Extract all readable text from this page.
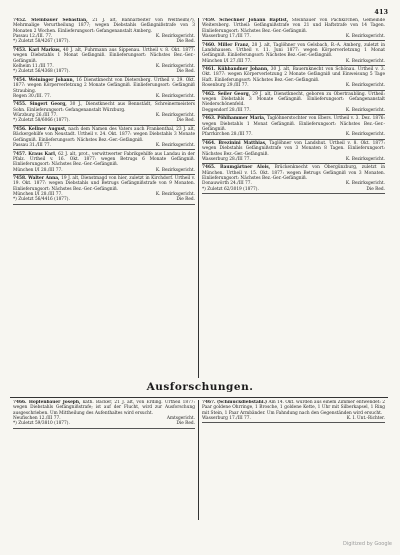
413

7452. Steinbauer Sebastian, 21 J. alt, Bahnarbeiter von Weltheim(?), Mehrmalige Verurtheilung 1877; wegen Diebstahls Gefängnißstrafe von 3 Monaten 2 Wochen. Einlieferungsort: Gefangenanstalt Amberg.

Passau 12./III. 77.	K. Bezirksgericht.
*) Zuletzt 58/4267 (1877).	Die Red.

7453. Karl Markus, 40 J. alt, Fuhrmann aus Sippenau. Urtheil v. 8. Okt. 1877: wegen Diebstahls 1 Monat Gefängniß. Einlieferungsort: Nächstes Bez.-Ger.-Gefängniß.

Kelheim 11./III 77.	K. Bezirksgericht.
*) Zuletzt 56/4368 (1877).	Die Red.

7454. Weininger Johann, 16 Dienstknecht von Dietersberg. Urtheil v. 29. Okt. 1877: wegen Körperverletzung 2 Monate Gefängniß. Einlieferungsort: Gefängniß Straubing.

Regen 30./III. 77.	K. Bezirksgericht.

7455. Singert Georg, 30 J., Dienstknecht aus Bennstädt, Schreinermeisters Sohn. Einlieferungsort: Gefangenanstalt Würzburg.

Würzburg 26./III 77.	K. Bezirksgericht.
*) Zuletzt 58/6066 (1877).	Die Red.

7456. Kellner August, nach dem Namen des Vaters auch Frankenthal, 23 J. alt, Bäckergehilfe von Neustadt. Urtheil v. 24. Okt. 1877: wegen Diebstahls 3 Monate Gefängniß. Einlieferungsort: Nächstes Bez.-Ger.-Gefängniß.

Passau 31./III 77.	K. Bezirksgericht.

7457. Kraus Karl, 62 J. alt, prot., verwittwerter Fabrikgehilfe aus Landau in der Pfalz. Urtheil v. 16. Okt. 1877: wegen Betrugs 6 Monate Gefängniß. Einlieferungsort: Nächstes Bez.-Ger.-Gefängniß.

München I/I 28./III 77.	K. Bezirksgericht.

7458. Walter Anna, 19 J. alt, Dienstmagd von hier, zuletzt in Kirchdorf. Urtheil v. 19. Okt. 1877: wegen Diebstahls und Betrugs Gefängnißstrafe von 9 Monaten. Einlieferungsort: Nächstes Bez.-Ger.-Gefängniß.

München I/I 28./III 77.	K. Bezirksgericht.
*) Zuletzt 56/4416 (1877).	Die Red.

7459. Schechner Johann Baptist, Steinhauer von Pachkirchen, Gemeinde Weitersberg. Urtheil: Gefängnißstrafe von 21 und Haftstrafe von 14 Tagen. Einlieferungsort: Nächstes Bez.-Ger.-Gefängniß.

Wasserburg 17./III 77.	K. Bezirksgericht.

7460. Miller Franz, 28 J. alt, Taglöhner von Gelsbach, B.-A. Amberg, zuletzt in Landshausen. Urtheil v. 11. Juni 1877: wegen Körperverletzung 1 Monat Gefängniß. Einlieferungsort: Nächstes Bez.-Ger.-Gefängniß.

München I/I 27./III 77.	K. Bezirksgericht.

7461. Kühbandner Johann, 30 J. alt, Bauernknecht von Schönau. Urtheil v. 3. Okt. 1877: wegen Körperverletzung 2 Monate Gefängniß und Einweisung 5 Tage Haft. Einlieferungsort: Nächstes Bez.-Ger.-Gefängniß.

Rosenburg 29./III 77.	K. Bezirksgericht.

7462. Seiler Georg, 29 J. alt, Dienstknecht, geboren zu Obertraubling. Urtheil: wegen Diebstahls 3 Monate Gefängniß. Einlieferungsort: Gefangenanstalt Niederschönenfeld.

Deggendorf 28./III 77.	K. Bezirksgericht.

7463. Pöhlhammer Maria, Taglöhnerstochter von Ebers. Urtheil v. 3. Dez. 1876: wegen Diebstahls 1 Monat Gefängniß. Einlieferungsort: Nächstes Bez.-Ger.-Gefängniß.

Pfarrkirchen 28./III 77.	K. Bezirksgericht.

7464. Brezinini Matthias, Taglöhner von Landshut. Urtheil v. 8. Okt. 1877: wegen Diebstahls Gefängnißstrafe von 3 Monaten 8 Tagen. Einlieferungsort: Nächstes Bez.-Ger.-Gefängniß.

Wasserburg 28./III 77.	K. Bezirksgericht.

7465. Baumgärtner Alois, Brückenknecht von Obergünzburg, zuletzt in München. Urtheil v. 15. Okt. 1877: wegen Betrugs Gefängniß von 3 Monaten. Einlieferungsort: Nächstes Bez.-Ger.-Gefängniß.

Donauwörth 24./III 77.	K. Bezirksgericht.
*) Zuletzt 62/3019 (1877).	Die Red.
Ausforschungen.

7466. Hopfenbauer Joseph, kath. Bäcker, 21 J. alt, von Erding. Urtheil 1877: wegen Diebstahls Gefängnißstrafe; ist auf der Flucht, wird zur Ausforschung ausgeschrieben. Um Mittheilung des Aufenthaltes wird ersucht.

Neufischen 12./III 77.	Amtsgericht.
*) Zuletzt 59/3810 (1877).	Die Red.

7467. (Schmuckdiebstahl.) Am 14. Okt. wurden aus einem Zimmer entwendet: 2 Paar goldene Ohrringe, 1 Brosche, 1 goldene Kette, 1 Uhr mit Silberkapsel, 1 Ring mit Stein, 1 Paar Armbänder. Um Fahndung nach den Gegenständen wird ersucht.

Wasserburg 17./III 77.	K. I. Unt.-Richter.
Digitized by Google
